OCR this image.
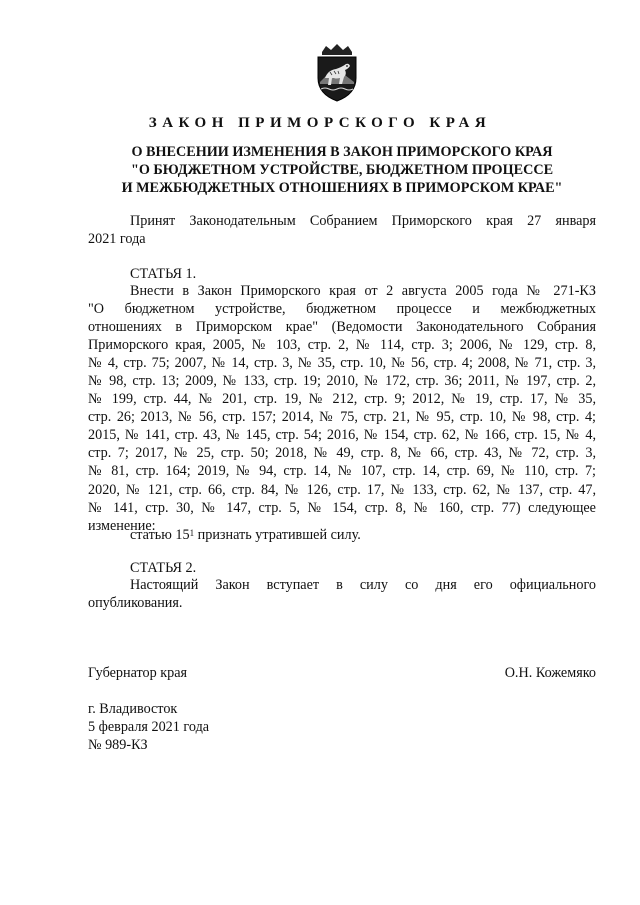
ЗАКОН ПРИМОРСКОГО КРАЯ
О ВНЕСЕНИИ ИЗМЕНЕНИЯ В ЗАКОН ПРИМОРСКОГО КРАЯ
"О БЮДЖЕТНОМ УСТРОЙСТВЕ, БЮДЖЕТНОМ ПРОЦЕССЕ
И МЕЖБЮДЖЕТНЫХ ОТНОШЕНИЯХ В ПРИМОРСКОМ КРАЕ"
Принят Законодательным Собранием Приморского края 27 января
2021 года
СТАТЬЯ 1.
Внести в Закон Приморского края от 2 августа 2005 года № 271-КЗ
"О бюджетном устройстве, бюджетном процессе и межбюджетных
отношениях в Приморском крае" (Ведомости Законодательного Собрания
Приморского края, 2005, № 103, стр. 2, № 114, стр. 3; 2006, № 129, стр. 8,
№ 4, стр. 75; 2007, № 14, стр. 3, № 35, стр. 10, № 56, стр. 4; 2008, № 71, стр. 3,
№ 98, стр. 13; 2009, № 133, стр. 19; 2010, № 172, стр. 36; 2011, № 197, стр. 2,
№ 199, стр. 44, № 201, стр. 19, № 212, стр. 9; 2012, № 19, стр. 17, № 35,
стр. 26; 2013, № 56, стр. 157; 2014, № 75, стр. 21, № 95, стр. 10, № 98, стр. 4;
2015, № 141, стр. 43, № 145, стр. 54; 2016, № 154, стр. 62, № 166, стр. 15, № 4,
стр. 7; 2017, № 25, стр. 50; 2018, № 49, стр. 8, № 66, стр. 43, № 72, стр. 3,
№ 81, стр. 164; 2019, № 94, стр. 14, № 107, стр. 14, стр. 69, № 110, стр. 7;
2020, № 121, стр. 66, стр. 84, № 126, стр. 17, № 133, стр. 62, № 137, стр. 47,
№ 141, стр. 30, № 147, стр. 5, № 154, стр. 8, № 160, стр. 77) следующее
изменение:
статью $15^1$ признать утратившей силу.
СТАТЬЯ 2.
Настоящий Закон вступает в силу со дня его официального
опубликования.
Губернатор края	О.Н. Кожемяко
г. Владивосток
5 февраля 2021 года
№ 989-КЗ
